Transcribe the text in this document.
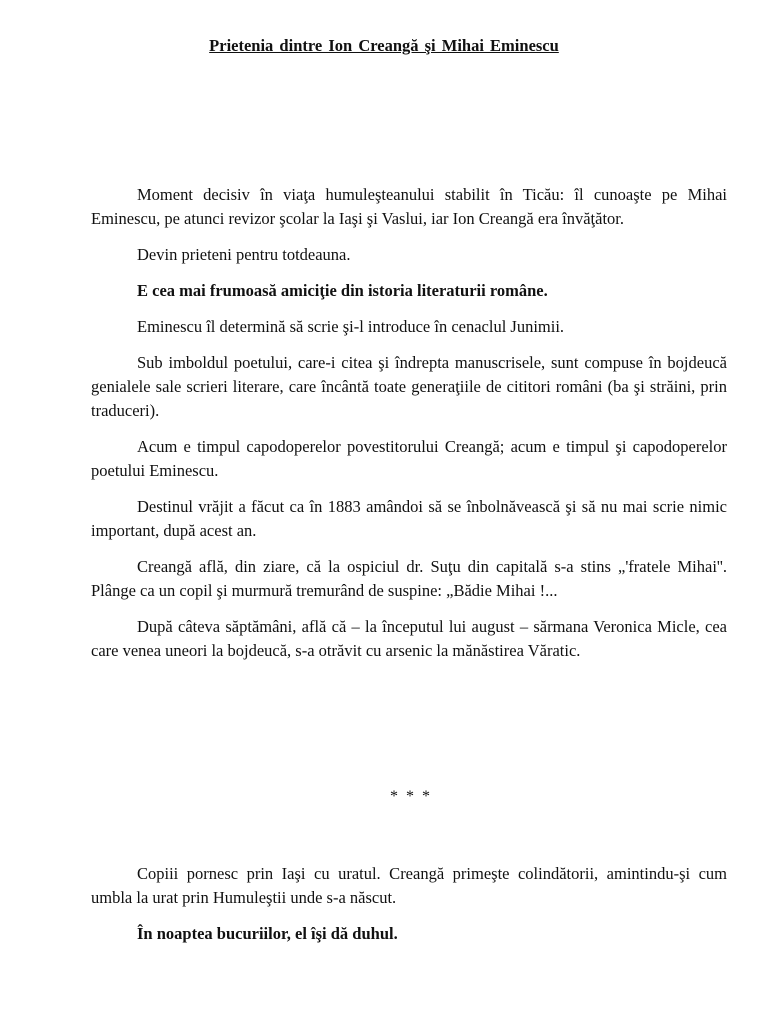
Prietenia dintre Ion Creangă şi Mihai Eminescu

Moment decisiv în viaţa humuleşteanului stabilit în Ticău: îl cunoaşte pe Mihai Eminescu, pe atunci revizor şcolar la Iaşi şi Vaslui, iar Ion Creangă era învăţător.

Devin prieteni pentru totdeauna.

E cea mai frumoasă amiciţie din istoria literaturii române.

Eminescu îl determină să scrie şi-l introduce în cenaclul Junimii.

Sub imboldul poetului, care-i citea şi îndrepta manuscrisele, sunt compuse în bojdeucă genialele sale scrieri literare, care încântă toate generaţiile de cititori români (ba şi străini, prin traduceri).

Acum e timpul capodoperelor povestitorului Creangă; acum e timpul şi capodoperelor poetului Eminescu.

Destinul vrăjit a făcut ca în 1883 amândoi să se înbolnăvească şi să nu mai scrie nimic important, după acest an.

Creangă află, din ziare, că la ospiciul dr. Suţu din capitală s-a stins „'fratele Mihai''. Plânge ca un copil şi murmură tremurând de suspine: „Bădie Mihai !...

După câteva săptămâni, află că – la începutul lui august – sărmana Veronica Micle, cea care venea uneori la bojdeucă, s-a otrăvit cu arsenic la mănăstirea Văratic.

* * *

Copiii pornesc prin Iaşi cu uratul. Creangă primeşte colindătorii, amintindu-şi cum umbla la urat prin Humuleştii unde s-a născut.

În noaptea bucuriilor, el îşi dă duhul.
